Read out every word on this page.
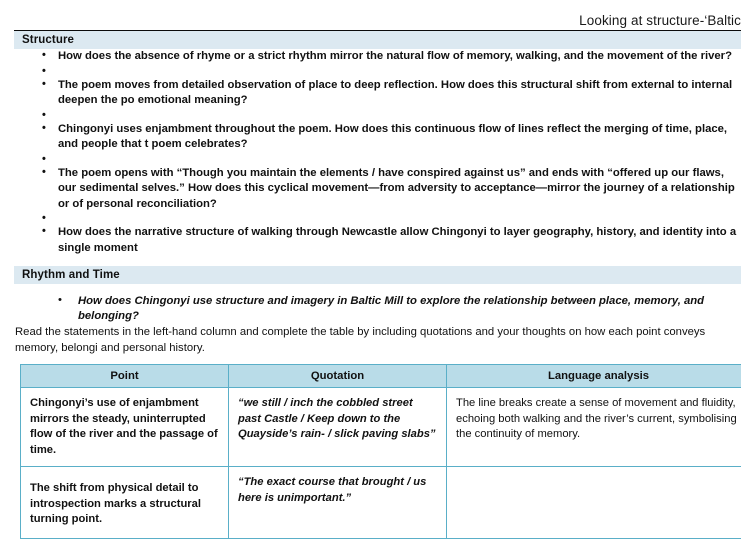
Looking at structure-‘Baltic
Structure
• How does the absence of rhyme or a strict rhythm mirror the natural flow of memory, walking, and the movement of the river?
•
• The poem moves from detailed observation of place to deep reflection. How does this structural shift from external to internal deepen the po emotional meaning?
•
• Chingonyi uses enjambment throughout the poem. How does this continuous flow of lines reflect the merging of time, place, and people that t poem celebrates?
•
• The poem opens with “Though you maintain the elements / have conspired against us” and ends with “offered up our flaws, our sedimental selves.” How does this cyclical movement—from adversity to acceptance—mirror the journey of a relationship or of personal reconciliation?
•
• How does the narrative structure of walking through Newcastle allow Chingonyi to layer geography, history, and identity into a single moment
Rhythm and Time
• How does Chingonyi use structure and imagery in Baltic Mill to explore the relationship between place, memory, and belonging?
Read the statements in the left-hand column and complete the table by including quotations and your thoughts on how each point conveys memory, belongi and personal history.
Point	Quotation	Language analysis
Chingonyi’s use of enjambment mirrors the steady, uninterrupted flow of the river and the passage of time.	“we still / inch the cobbled street past Castle / Keep down to the Quayside’s rain- / slick paving slabs”	The line breaks create a sense of movement and fluidity, echoing both walking and the river’s current, symbolising the continuity of memory.
The shift from physical detail to introspection marks a structural turning point.	“The exact course that brought / us here is unimportant.”	
